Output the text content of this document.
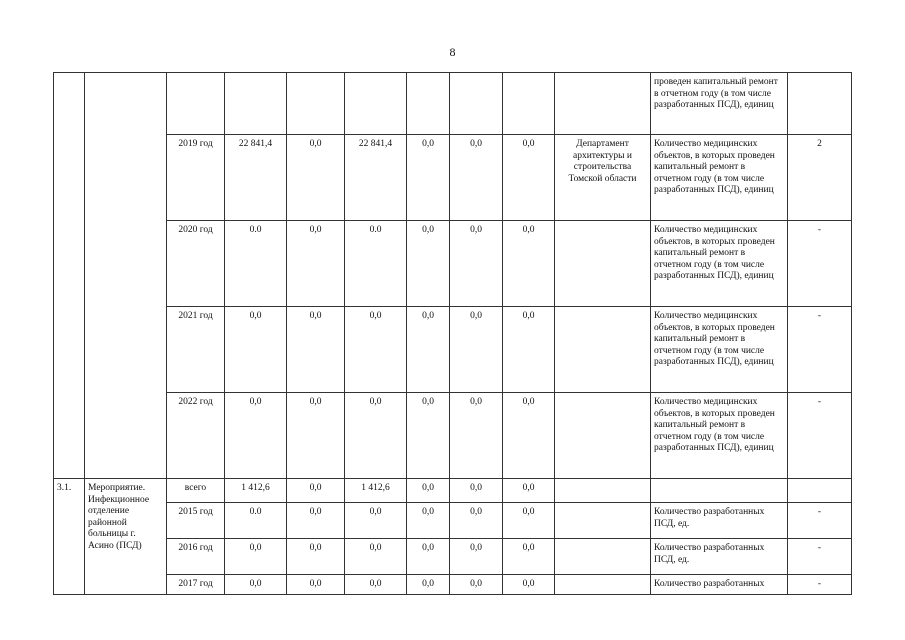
8
										проведен капитальный ремонт в отчетном году (в том числе разработанных ПСД), единиц	
		2019 год	22 841,4	0,0	22 841,4	0,0	0,0	0,0	Департамент архитектуры и строительства Томской области	Количество медицинских объектов, в которых проведен капитальный ремонт в отчетном году (в том числе разработанных ПСД), единиц	2
		2020 год	0.0	0,0	0.0	0,0	0,0	0,0		Количество медицинских объектов, в которых проведен капитальный ремонт в отчетном году (в том числе разработанных ПСД), единиц	-
		2021 год	0,0	0,0	0,0	0,0	0,0	0,0		Количество медицинских объектов, в которых проведен капитальный ремонт в отчетном году (в том числе разработанных ПСД), единиц	-
		2022 год	0,0	0,0	0,0	0,0	0,0	0,0		Количество медицинских объектов, в которых проведен капитальный ремонт в отчетном году (в том числе разработанных ПСД), единиц	-
3.1.	Мероприятие. Инфекционное отделение районной больницы г. Асино (ПСД)	всего	1 412,6	0,0	1 412,6	0,0	0,0	0,0			
		2015 год	0.0	0,0	0,0	0,0	0,0	0,0		Количество разработанных ПСД, ед.	-
		2016 год	0,0	0,0	0,0	0,0	0,0	0,0		Количество разработанных ПСД, ед.	-
		2017 год	0,0	0,0	0,0	0,0	0,0	0,0		Количество разработанных	-
